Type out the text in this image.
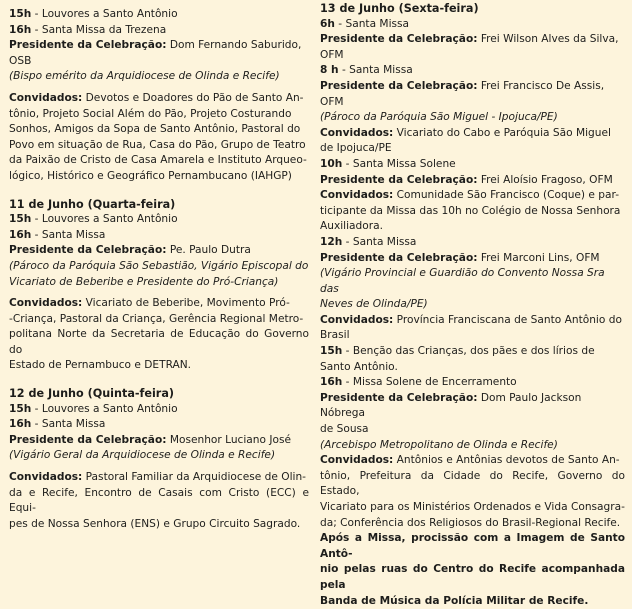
15h - Louvores a Santo Antônio

16h - Santa Missa da Trezena

Presidente da Celebração: Dom Fernando Saburido,

OSB

(Bispo emérito da Arquidiocese de Olinda e Recife)

Convidados: Devotos e Doadores do Pão de Santo An-

tônio, Projeto Social Além do Pão, Projeto Costurando

Sonhos, Amigos da Sopa de Santo Antônio, Pastoral do

Povo em situação de Rua, Casa do Pão, Grupo de Teatro

da Paixão de Cristo de Casa Amarela e Instituto Arqueo-

lógico, Histórico e Geográfico Pernambucano (IAHGP)

11 de Junho (Quarta-feira)

15h - Louvores a Santo Antônio

16h - Santa Missa

Presidente da Celebração: Pe. Paulo Dutra

(Pároco da Paróquia São Sebastião, Vigário Episcopal do

Vicariato de Beberibe e Presidente do Pró-Criança)

Convidados: Vicariato de Beberibe, Movimento Pró-

-Criança, Pastoral da Criança, Gerência Regional Metro-

politana Norte da Secretaria de Educação do Governo do

Estado de Pernambuco e DETRAN.

12 de Junho (Quinta-feira)

15h - Louvores a Santo Antônio

16h - Santa Missa

Presidente da Celebração: Mosenhor Luciano José

(Vigário Geral da Arquidiocese de Olinda e Recife)

Convidados: Pastoral Familiar da Arquidiocese de Olin-

da e Recife, Encontro de Casais com Cristo (ECC) e Equi-

pes de Nossa Senhora (ENS) e Grupo Circuito Sagrado.

13 de Junho (Sexta-feira)

6h - Santa Missa

Presidente da Celebração: Frei Wilson Alves da Silva,

OFM

8 h - Santa Missa

Presidente da Celebração: Frei Francisco De Assis, OFM

(Pároco da Paróquia São Miguel - Ipojuca/PE)

Convidados: Vicariato do Cabo e Paróquia São Miguel

de Ipojuca/PE

10h - Santa Missa Solene

Presidente da Celebração: Frei Aloísio Fragoso, OFM

Convidados: Comunidade São Francisco (Coque) e par-

ticipante da Missa das 10h no Colégio de Nossa Senhora

Auxiliadora.

12h - Santa Missa

Presidente da Celebração: Frei Marconi Lins, OFM

(Vigário Provincial e Guardião do Convento Nossa Sra das

Neves de Olinda/PE)

Convidados: Província Franciscana de Santo Antônio do

Brasil

15h - Benção das Crianças, dos pães e dos lírios de

Santo Antônio.

16h - Missa Solene de Encerramento

Presidente da Celebração: Dom Paulo Jackson Nóbrega

de Sousa

(Arcebispo Metropolitano de Olinda e Recife)

Convidados: Antônios e Antônias devotos de Santo An-

tônio, Prefeitura da Cidade do Recife, Governo do Estado,

Vicariato para os Ministérios Ordenados e Vida Consagra-

da; Conferência dos Religiosos do Brasil-Regional Recife.

Após a Missa, procissão com a Imagem de Santo Antô-

nio pelas ruas do Centro do Recife acompanhada pela

Banda de Música da Polícia Militar de Recife.
